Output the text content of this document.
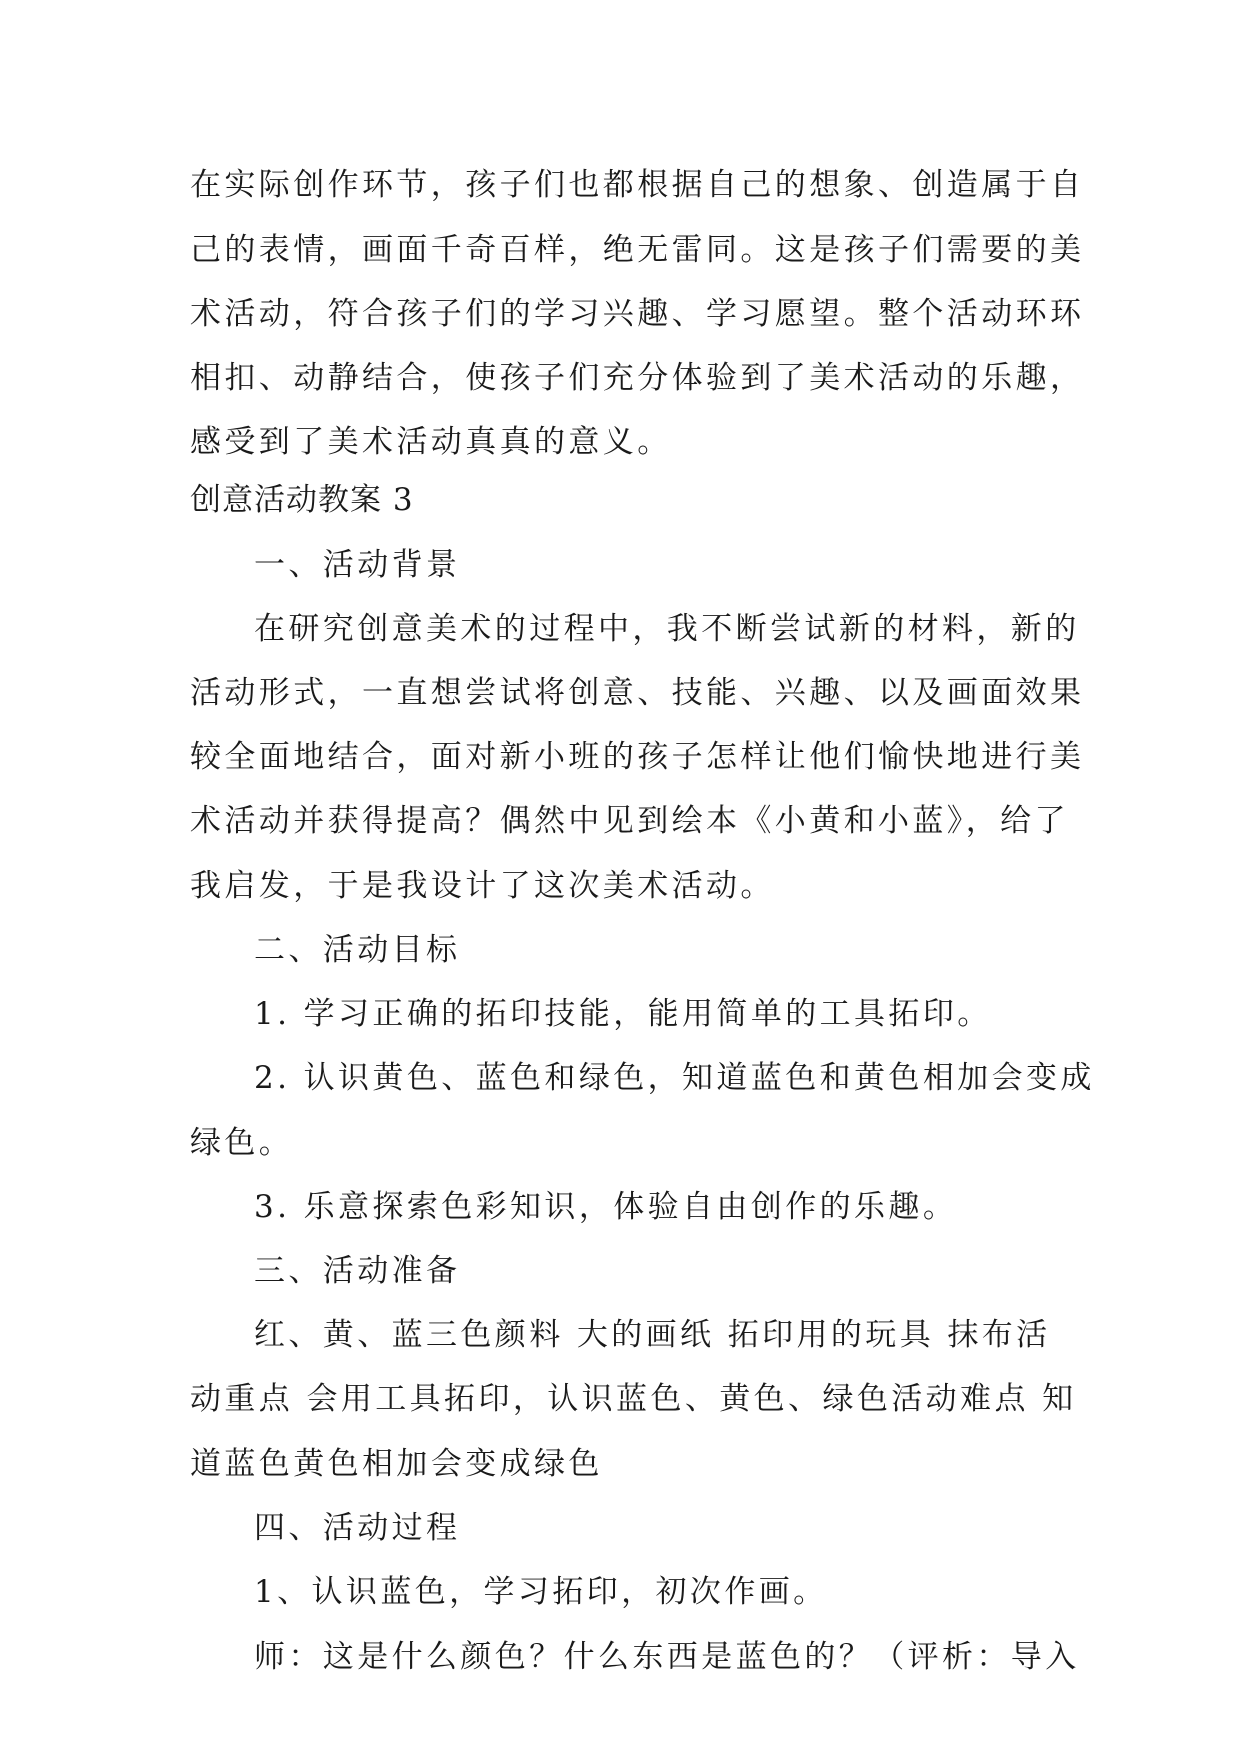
在实际创作环节，孩子们也都根据自己的想象、创造属于自
己的表情，画面千奇百样，绝无雷同。这是孩子们需要的美
术活动，符合孩子们的学习兴趣、学习愿望。整个活动环环
相扣、动静结合，使孩子们充分体验到了美术活动的乐趣，
感受到了美术活动真真的意义。
创意活动教案 3
一、活动背景
在研究创意美术的过程中，我不断尝试新的材料，新的
活动形式，一直想尝试将创意、技能、兴趣、以及画面效果
较全面地结合，面对新小班的孩子怎样让他们愉快地进行美
术活动并获得提高？偶然中见到绘本《小黄和小蓝》，给了
我启发，于是我设计了这次美术活动。
二、活动目标
1. 学习正确的拓印技能，能用简单的工具拓印。
2. 认识黄色、蓝色和绿色，知道蓝色和黄色相加会变成
绿色。
3. 乐意探索色彩知识，体验自由创作的乐趣。
三、活动准备
红、黄、蓝三色颜料 大的画纸 拓印用的玩具 抹布活
动重点 会用工具拓印，认识蓝色、黄色、绿色活动难点 知
道蓝色黄色相加会变成绿色
四、活动过程
1、认识蓝色，学习拓印，初次作画。
师：这是什么颜色？什么东西是蓝色的？（评析：导入
